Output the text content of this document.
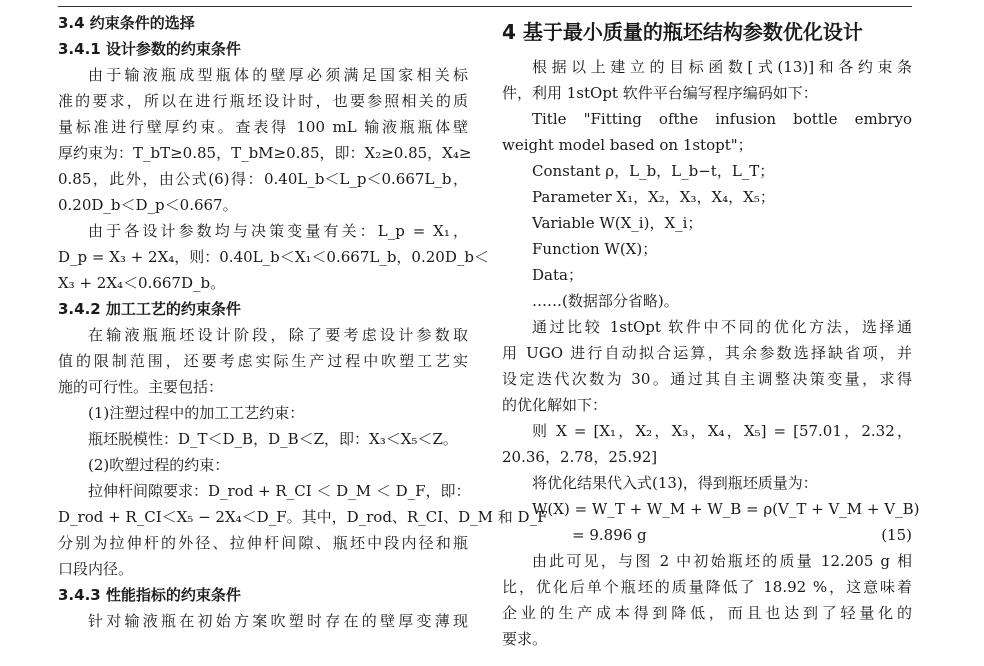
3.4 约束条件的选择
3.4.1 设计参数的约束条件
由于输液瓶成型瓶体的壁厚必须满足国家相关标
准的要求，所以在进行瓶坯设计时，也要参照相关的质
量标准进行壁厚约束。查表得 100 mL 输液瓶瓶体壁
厚约束为：T_bT≥0.85，T_bM≥0.85，即：X₂≥0.85，X₄≥
0.85，此外，由公式(6)得：0.40L_b＜L_p＜0.667L_b，
0.20D_b＜D_p＜0.667。
由于各设计参数均与决策变量有关：L_p = X₁，
D_p = X₃ + 2X₄，则：0.40L_b＜X₁＜0.667L_b，0.20D_b＜
X₃ + 2X₄＜0.667D_b。
3.4.2 加工工艺的约束条件
在输液瓶瓶坯设计阶段，除了要考虑设计参数取
值的限制范围，还要考虑实际生产过程中吹塑工艺实
施的可行性。主要包括：
(1)注塑过程中的加工工艺约束：
瓶坯脱模性：D_T＜D_B，D_B＜Z，即：X₃＜X₅＜Z。
(2)吹塑过程的约束：
拉伸杆间隙要求：D_rod + R_CI ＜ D_M ＜ D_F，即：
D_rod + R_CI＜X₅ − 2X₄＜D_F。其中，D_rod、R_CI、D_M 和 D_F
分别为拉伸杆的外径、拉伸杆间隙、瓶坯中段内径和瓶
口段内径。
3.4.3 性能指标的约束条件
针对输液瓶在初始方案吹塑时存在的壁厚变薄现
4 基于最小质量的瓶坯结构参数优化设计
根据以上建立的目标函数[式(13)]和各约束条
件，利用 1stOpt 软件平台编写程序编码如下：
Title "Fitting ofthe infusion bottle embryo
weight model based on 1stopt"；
Constant ρ，L_b，L_b−t，L_T；
Parameter X₁，X₂，X₃，X₄，X₅；
Variable W(X_i)，X_i；
Function W(X)；
Data；
……(数据部分省略)。
通过比较 1stOpt 软件中不同的优化方法，选择通
用 UGO 进行自动拟合运算，其余参数选择缺省项，并
设定迭代次数为 30。通过其自主调整决策变量，求得
的优化解如下：
则 X = [X₁，X₂，X₃，X₄，X₅] = [57.01，2.32，
20.36，2.78，25.92]
将优化结果代入式(13)，得到瓶坯质量为：
W(X) = W_T + W_M + W_B = ρ(V_T + V_M + V_B)
= 9.896 g	(15)
由此可见，与图 2 中初始瓶坯的质量 12.205 g 相
比，优化后单个瓶坯的质量降低了 18.92 %，这意味着
企业的生产成本得到降低，而且也达到了轻量化的
要求。
